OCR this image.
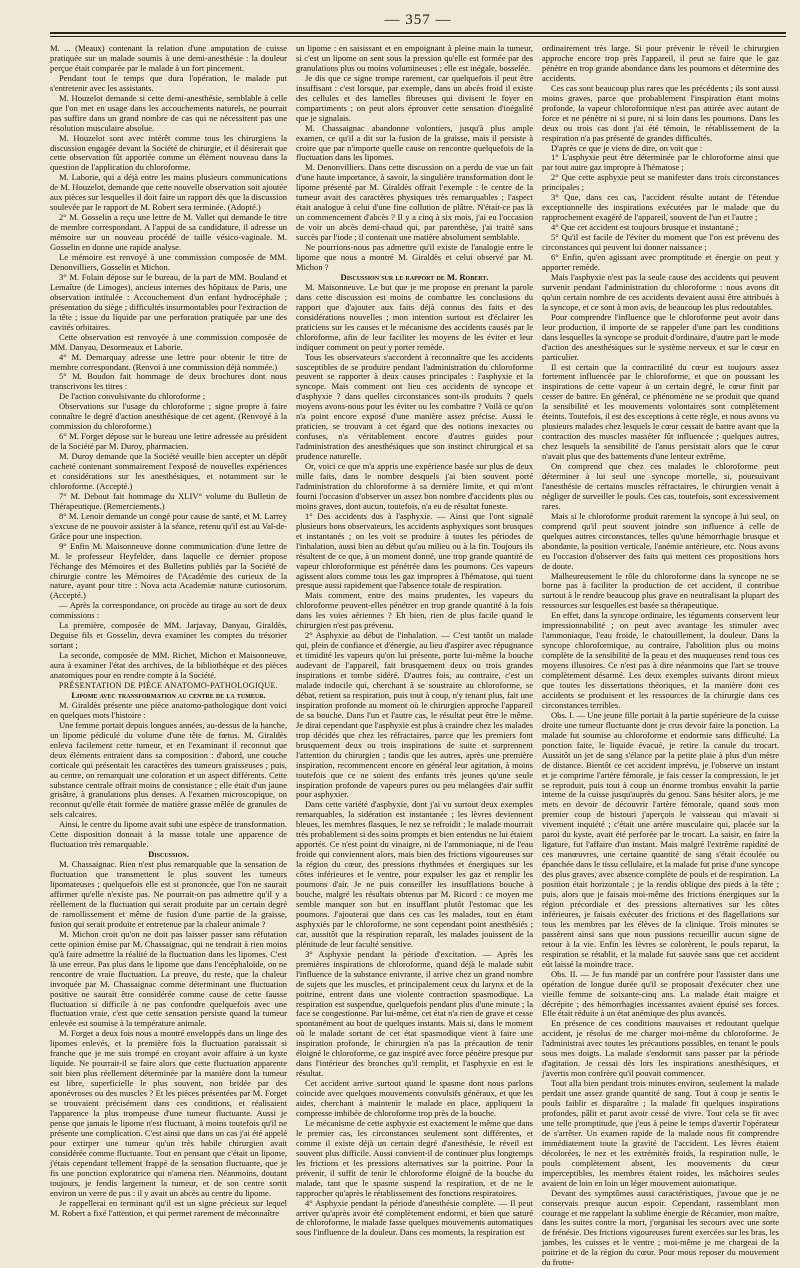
— 357 —

M. ... (Meaux) contenant la relation d'une amputation de cuisse pratiquée sur un malade soumis à une demi-anesthésie : la douleur perçue était comparée par le malade à un fort pincement.

Pendant tout le temps que dura l'opération, le malade put s'entretenir avec les assistants.

M. Houzelot demande si cette demi-anesthésie, semblable à celle que l'on met en usage dans les accouchements naturels, ne pourrait pas suffire dans un grand nombre de cas qui ne nécessitent pas une résolution musculaire absolue.

M. Houzelot sont avec intérêt comme tous les chirurgiens la discussion engagée devant la Société de chirurgie, et il désirerait que cette observation fût apportée comme un élément nouveau dans la question de l'application du chloroforme.

M. Laborie, qui a déjà entre les mains plusieurs communications de M. Houzelot, demande que cette nouvelle observation soit ajoutée aux pièces sur lesquelles il doit faire un rapport dès que la discussion soulevée par le rapport de M. Robert sera terminée. (Adopté.)

2° M. Gosselin a reçu une lettre de M. Vallet qui demande le titre de membre correspondant. A l'appui de sa candidature, il adresse un mémoire sur un nouveau procédé de taille vésico-vaginale. M. Gosselin en donne une rapide analyse.

Le mémoire est renvoyé à une commission composée de MM. Denonvilliers, Gosselin et Michon.

3° M. Folain dépose sur le bureau, de la part de MM. Bouland et Lemaître (de Limoges), ancieus internes des hôpitaux de Paris, une observation intitulée : Accouchement d'un enfant hydrocéphale ; présentation du siège ; difficultés insurmontables pour l'extraction de la tête ; issue du liquide par une perforation pratiquée par une des cavités orbitaires.

Cette observation est renvoyée à une commission composée de MM. Danyau, Desormeaux et Laborie.

4° M. Demarquay adresse une lettre pour obtenir le titre de membre correspondant. (Renvoi à une commission déjà nommée.)

5° M. Boudon fait hommage de deux brochures dont nous transcrivons les titres :

De l'action convulsivante du chloroforme ;

Observations sur l'usage du chloroforme ; signe propre à faire connaître le degré d'action anesthésique de cet agent. (Renvoyé à la commission du chloroforme.)

6° M. Forget dépose sur le bureau une lettre adressée au président de la Société par M. Duroy, pharmacien.

M. Duroy demande que la Société veuille bien accepter un dépôt cacheté contenant sommairement l'exposé de nouvelles expériences et considérations sur les anesthésiques, et notamment sur le chloroforme. (Accepté.)

7° M. Debout fait hommage du XLIV° volume du Bulletin de Thérapeutique. (Remerciements.)

8° M. Lenoir demande un congé pour cause de santé, et M. Larrey s'excuse de ne pouvoir assister à la séance, retenu qu'il est au Val-de-Grâce pour une inspection.

9° Enfin M. Maisonneuve donne communication d'une lettre de M. le professeur Heyfelder, dans laquelle ce dernier propose l'échange des Mémoires et des Bulletins publiés par la Société de chirurgie contre les Mémoires de l'Académie des curieux de la nature, ayant pour titre : Nova acta Academiæ naturæ curiosorum. (Accepté.)

— Après la correspondance, on procède au tirage au sort de deux commissions :

La première, composée de MM. Jarjavay, Danyau, Giraldès, Deguise fils et Gosselin, devra examiner les comptes du trésorier sortant ;

La seconde, composée de MM. Richet, Michon et Maisonneuve, aura à examiner l'état des archives, de la bibliothèque et des pièces anatomiques pour en rendre compte à la Société.

PRÉSENTATION DE PIÈCE ANATOMO-PATHOLOGIQUE.

Lipome avec transformation au centre de la tumeur.

M. Giraldès présente une pièce anatomo-pathologique dont voici en quelques mots l'histoire :

Une femme portait depuis longues années, au-dessus de la hanche, un lipome pédiculé du volume d'une tête de fœtus. M. Giraldès enleva facilement cette tumeur, et en l'examinant il reconnut que deux éléments entraient dans sa composition : d'abord, une couche corticale qui présentait les caractères des tumeurs graisseuses ; puis, au centre, on remarquait une coloration et un aspect différents. Cette substance centrale offrait moins de consistance ; elle était d'un jaune grisâtre, à granulations plus denses. A l'examen microscopique, on reconnut qu'elle était formée de matière grasse mêlée de granules de sels calcaires.

Ainsi, le centre du lipome avait subi une espèce de transformation. Cette disposition donnait à la masse totale une apparence de fluctuation très remarquable.

Discussion.

M. Chassaignac. Rien n'est plus remarquable que la sensation de fluctuation que transmettent le plus souvent les tumeurs lipomateuses ; quelquefois elle est si prononcée, que l'on ne saurait affirmer qu'elle n'existe pas. Ne pourrait-on pas admettre qu'il y a réellement de la fluctuation qui serait produite par un certain degré de ramollissement et même de fusion d'une partie de la graisse, fusion qui serait produite et entretenue par la chaleur animale ?

M. Michon croit qu'on ne doit pas laisser passer sans réfutation cette opinion émise par M. Chassaignac, qui ne tendrait à rien moins qu'à faire admettre la réalité de la fluctuation dans les lipomes. C'est là une erreur. Pas plus dans le lipome que dans l'encéphaloïde, on ne rencontre de vraie fluctuation. La preuve, du reste, que la chaleur invoquée par M. Chassaignac comme déterminant une fluctuation positive ne saurait être considérée comme cause de cette fausse fluctuation si difficile à ne pas confondre quelquefois avec une fluctuation vraie, c'est que cette sensation persiste quand la tumeur enlevée est soumise à la température animale.

M. Forget a deux fois nous a montré enveloppés dans un linge des lipomes enlevés, et la première fois la fluctuation paraissait si franche que je me suis trompé en croyant avoir affaire à un kyste liquide. Ne pourrait-il se faire alors que cette fluctuation apparente soit bien plus réellement déterminée par la manière dont la tumeur est libre, superficielle le plus souvent, non bridée par des aponévroses ou des muscles ? Et les pièces présentées par M. Forget se trouvaient précisément dans ces conditions, et réalisaient l'apparence la plus trompeuse d'une tumeur fluctuante. Aussi je pense que jamais le lipome n'est fluctuant, à moins toutefois qu'il ne présente une complication. C'est ainsi que dans un cas j'ai été appelé pour extirper une tumeur qu'un très habile chirurgien avait considérée comme fluctuante. Tout en pensant que c'était un lipome, j'étais cependant tellement frappé de la sensation fluctuante, que je fis une ponction exploratrice qui n'amena rien. Néanmoins, doutant toujours, je fendis largement la tumeur, et de son centre sortit environ un verre de pus : il y avait un abcès au centre du lipome.

Je rappellerai en terminant qu'il est un signe précieux sur lequel M. Robert a fixé l'attention, et qui permet rarement de méconnaître

un lipome : en saisissant et en empoignant à pleine main la tumeur, si c'est un lipome on sent sous la pression qu'elle est formée par des granulations plus ou moins volumineuses ; elle est inégale, bosselée.

Je dis que ce signe trompe rarement, car quelquefois il peut être insuffisant : c'est lorsque, par exemple, dans un abcès froid il existe des cellules et des lamelles fibreuses qui divisent le foyer en compartiments ; on peut alors éprouver cette sensation d'inégalité que je signalais.

M. Chassaignac abandonne volontiers, jusqu'à plus ample examen, ce qu'il a dit sur la fusion de la graisse, mais il persiste à croire que par n'importe quelle cause on rencontre quelquefois de la fluctuation dans les lipomes.

M. Denonvilliers. Dans cette discussion on a perdu de vue un fait d'une haute importance, à savoir, la singulière transformation dont le lipome présenté par M. Giraldès offrait l'exemple : le centre de la tumeur avait des caractères physiques très remarquables ; l'aspect était analogue à celui d'une fine collution de plâtre. N'était-ce pas là un commencement d'abcès ? Il y a cinq à six mois, j'ai eu l'occasion de voir un abcès demi-chaud qui, par parenthèse, j'ai traité sans succès par l'iode ; il contenait une matière absolument semblable.

Ne pourrions-nous pas admettre qu'il existe de l'analogie entre le lipome que nous a montré M. Giraldès et celui observé par M. Michon ?

Discussion sur le rapport de M. Robert.

M. Maisonneuve. Le but que je me propose en prenant la parole dans cette discussion est moins de combattre les conclusions du rapport que d'ajouter aux faits déjà connus des faits et des considérations nouvelles ; mon intention surtout est d'éclairer les praticiens sur les causes et le mécanisme des accidents causés par le chloroforme, afin de leur faciliter les moyens de les éviter et leur indiquer comment on peut y porter remède.

Tous les observateurs s'accordent à reconnaître que les accidents susceptibles de se produire pendant l'administration du chloroforme peuvent se rapporter à deux causes principales : l'asphyxie et la syncope. Mais comment ont lieu ces accidents de syncope et d'asphyxie ? dans quelles circonstances sont-ils produits ? quels moyens avons-nous pour les éviter ou les combattre ? Voilà ce qu'on n'a point encore exposé d'une manière assez précise. Aussi le praticien, se trouvant à cet égard que des notions inexactes ou confuses, n'a véritablement encore d'autres guides pour l'administration des anesthésiques que son instinct chirurgical et sa prudence naturelle.

Or, voici ce que m'a appris une expérience basée sur plus de deux mille faits, dans le nombre desquels j'ai bien souvent porté l'administration du chloroforme à sa dernière limite, et qui m'ont fourni l'occasion d'observer un assez bon nombre d'accidents plus ou moins graves, dont aucun, toutefois, n'a eu de résultat funeste.

1° Des accidents dus à l'asphyxie. — Ainsi que l'ont signalé plusieurs bons observateurs, les accidents asphyxiques sont brusques et instantanés ; on les voit se produire à toutes les périodes de l'inhalation, aussi bien au début qu'au milieu ou à la fin. Toujours ils résultent de ce que, à un moment donné, une trop grande quantité de vapeur chloroformique est pénétrée dans les poumons. Ces vapeurs agissent alors comme tous les gaz impropres à l'hématose, qui tuent presque aussi rapidement que l'absence totale de respiration.

Mais comment, entre des mains prudentes, les vapeurs du chloroforme peuvent-elles pénétrer en trop grande quantité à la fois dans les voies aériennes ? Eh bien, rien de plus facile quand le chirurgien n'est pas prévenu.

2° Asphyxie au début de l'inhalation. — C'est tantôt un malade qui, plein de confiance et d'énergie, au lieu d'aspirer avec répugnance et timidité les vapeurs qu'on lui présente, porte lui-même la bouche audevant de l'appareil, fait brusquement deux ou trois grandes inspirations et tombe sidéré. D'autres fois, au contraire, c'est un malade indocile qui, cherchant à se soustraire au chloroforme, se débat, retient sa respiration, puis tout à coup, n'y tenant plus, fait une inspiration profonde au moment où le chirurgien approche l'appareil de sa bouche. Dans l'un et l'autre cas, le résultat peut être le même. Je dirai cependant que l'asphyxie est plus à craindre chez les malades trop décidés que chez les réfractaires, parce que les premiers font brusquement deux ou trois inspirations de suite et surprennent l'attention du chirurgien ; tandis que les autres, après une première inspiration, recommencent encore en général leur agitation, à moins toutefois que ce ne soient des enfants très jeunes qu'une seule inspiration profonde de vapeurs pures ou peu mélangées d'air suffit pour asphyxier.

Dans cette variété d'asphyxie, dont j'ai vu surtout deux exemples remarquables, la sidération est instantanée ; les lèvres deviennent bleues, les membres flasques, le nez se refroidit ; le malade mourrait très probablement si des soins prompts et bien entendus ne lui étaient apportés. Ce n'est point du vinaigre, ni de l'ammoniaque, ni de l'eau froide qui conviennent alors, mais bien des frictions vigoureuses sur la région du cœur, des pressions rhythmées et énergiques sur les côtes inférieures et le ventre, pour expulser les gaz et remplir les poumons d'air. Je ne puis conseiller les insufflations bouche à bouche, malgré les résultats obtenus par M. Ricord : ce moyen me semble manquer son but en insufflant plutôt l'estomac que les poumons. J'ajouterai que dans ces cas les malades, tout en étant asphyxiés par le chloroforme, ne sont cependant point anesthésiés ; car, aussitôt que la respiration reparaît, les malades jouissent de la plénitude de leur faculté sensitive.

3° Asphyxie pendant la période d'excitation. — Après les premières inspirations de chloroforme, quand déjà le malade subit l'influence de la substance enivrante, il arrive chez un grand nombre de sujets que les muscles, et principalement ceux du larynx et de la poitrine, entrent dans une violente contraction spasmodique. La respiration est suspendue, quelquefois pendant plus d'une minute ; la face se congestionne. Par lui-même, cet état n'a rien de grave et cesse spontanément au bout de quelques instants. Mais si, dans le moment où le malade sortant de cet état spasmodique vient à faire une inspiration profonde, le chirurgien n'a pas la précaution de tenir éloigné le chloroforme, ce gaz inspiré avec force pénètre presque pur dans l'intérieur des bronches qu'il remplit, et l'asphyxie en est le résultat.

Cet accident arrive surtout quand le spasme dont nous parlons coïncide avec quelques mouvements convulsifs généraux, et que les aides, cherchant à maintenir le malade en place, appliquent la compresse imbibée de chloroforme trop près de la bouche.

Le mécanisme de cette asphyxie est exactement le même que dans le premier cas, les circonstances seulement sont différentes, et comme il existe déjà un certain degré d'anesthésie, le réveil est souvent plus difficile. Aussi convient-il de continuer plus longtemps les frictions et les pressions alternatives sur la poitrine. Pour la prévenir, il suffit de tenir le chloroforme éloigné de la bouche du malade, tant que le spasme suspend la respiration, et de ne le rapprocher qu'après le rétablissement des fonctions respiratoires.

4° Asphyxie pendant la période d'anesthésie complète. — Il peut arriver qu'après avoir été complètement endormi, et bien que saturé de chloroforme, le malade fasse quelques mouvements automatiques sous l'influence de la douleur. Dans ces moments, la respiration est

ordinairement très large. Si pour prévenir le réveil le chirurgien approche encore trop près l'appareil, il peut se faire que le gaz pénètre en trop grande abondance dans les poumons et détermine des accidents.

Ces cas sont beaucoup plus rares que les précédents ; ils sont aussi moins graves, parce que probablement l'inspiration étant moins profonde, la vapeur chloroformique n'est pas attirée avec autant de force et ne pénètre ni si pure, ni si loin dans les poumons. Dans les deux ou trois cas dont j'ai été témoin, le rétablissement de la respiration n'a pas présenté de grandes difficultés.

D'après ce que je viens de dire, on voit que :

1° L'asphyxie peut être déterminée par le chloroforme ainsi que par tout autre gaz impropre à l'hématose ;

2° Que cette asphyxie peut se manifester dans trois circonstances principales ;

3° Que, dans ces cas, l'accident résulte autant de l'étendue exceptionnelle des inspirations exécutées par le malade que du rapprochement exagéré de l'appareil, souvent de l'un et l'autre ;

4° Que cet accident est toujours brusque et instantané ;

5° Qu'il est facile de l'éviter du moment que l'on est prévenu des circonstances qui peuvent lui donner naissance ;

6° Enfin, qu'en agissant avec promptitude et énergie on peut y apporter remède.

Mais l'asphyxie n'est pas la seule cause des accidents qui peuvent survenir pendant l'administration du chloroforme : nous avons dit qu'un certain nombre de ces accidents devaient aussi être attribués à la syncope, et ce sont à mon avis, de beaucoup les plus redoutables.

Pour comprendre l'influence que le chloroforme peut avoir dans leur production, il importe de se rappeler d'une part les conditions dans lesquelles la syncope se produit d'ordinaire, d'autre part le mode d'action des anesthésiques sur le système nerveux et sur le cœur en particulier.

Il est certain que la contractilité du cœur est toujours assez fortement influencée par le chloroforme, et que on poussant les inspirations de cette vapeur à un certain degré, le cœur finit par cesser de battre. En général, ce phénomène ne se produit que quand la sensibilité et les mouvements volontaires sont complètement éteints. Toutefois, il est des exceptions à cette règle, et nous avons vu plusieurs malades chez lesquels le cœur cessait de battre avant que la contraction des muscles masséter fût influencée ; quelques autres, chez lesquels la sensibilité de l'anus persistait alors que le cœur n'avait plus que des battements d'une lenteur extrême.

On comprend que chez ces malades le chloroforme peut déterminer à lui seul une syncope mortelle, si, poursuivant l'anesthésie de certains muscles réfractaires, le chirurgien venait à négliger de surveiller le pouls. Ces cas, toutefois, sont excessivement rares.

Mais si le chloroforme produit rarement la syncope à lui seul, on comprend qu'il peut souvent joindre son influence à celle de quelques autres circonstances, telles qu'une hémorrhagie brusque et abondante, la position verticale, l'anémie antérieure, etc. Nous avons eu l'occasion d'observer des faits qui mettent ces propositions hors de doute.

Malheureusement le rôle du chloroforme dans la syncope ne se borne pas à faciliter la production de cet accident, il contribue surtout à le rendre beaucoup plus grave en neutralisant la plupart des ressources sur lesquelles est basée sa thérapeutique.

En effet, dans la syncope ordinaire, les téguments conservent leur impressionnabilité ; on peut avec avantage les stimuler avec l'ammoniaque, l'eau froide, le chatouillement, la douleur. Dans la syncope chloroformique, au contraire, l'abolition plus ou moins complète de la sensibilité de la peau et des muqueuses rend tous ces moyens illusoires. Ce n'est pas à dire néanmoins que l'art se trouve complètement désarmé. Les deux exemples suivants diront mieux que toutes les dissertations théoriques, et la manière dont ces accidents se produisent et les ressources de la chirurgie dans ces circonstances terribles.

Obs. I. — Une jeune fille portait à la partie supérieure de la cuisse droite une tumeur fluctuante dont je crus devoir faire la ponction. La malade fut soumise au chloroforme et endormie sans difficulté. La ponction faite, le liquide évacué, je retire la canule du trocart. Aussitôt un jet de sang s'élance par la petite plaie à plus d'un mètre de distance. Bientôt ce cet accident imprévu, je l'observe un instant et je comprime l'artère fémorale, je fais cesser la compression, le jet se reproduit, puis tout à coup un énorme trombus envahit la partie interne de la cuisse jusqu'auprès du genou. Sans hésiter alors, je me mets en devoir de découvrir l'artère fémorale, quand sous mon premier coup de bistouri j'aperçois le vaisseau qui m'avait si vivement inquiété ; c'était une artère musculaire qui, placée sur la paroi du kyste, avait été perforée par le trocart. La saisir, en faire la ligature, fut l'affaire d'un instant. Mais malgré l'extrême rapidité de ces manœuvres, une certaine quantité de sang s'était écoulée ou épanchée dans le tissu cellulaire, et la malade fut prise d'une syncope des plus graves, avec absence complète de pouls et de respiration. La position était horizontale ; je la rendis oblique des pieds à la tête ; puis, alors que je faisais moi-même des frictions énergiques sur la région précordiale et des pressions alternatives sur les côtes inférieures, je faisais exécuter des frictions et des flagellations sur tous les membres par les élèves de la clinique. Trois minutes se passèrent ainsi sans que nous pussions recueillir aucun signe de retour à la vie. Enfin les lèvres se colorèrent, le pouls reparut, la respiration se rétablit, et la malade fut sauvée sans que cet accident eût laissé la moindre trace.

Obs. II. — Je fus mandé par un confrère pour l'assister dans une opération de longue durée qu'il se proposait d'exécuter chez une vieille femme de soixante-cinq ans. La malade était maigre et décrépite ; des hémorrhagies incessantes avaient épuisé ses forces. Elle était réduite à un état anémique des plus avancés.

En présence de ces conditions mauvaises et redoutant quelque accident, je résolus de me charger moi-même du chloroforme. Je l'administrai avec toutes les précautions possibles, en tenant le pouls sous mes doigts. La malade s'endormit sans passer par la période d'agitation. Je cessai dès lors les inspirations anesthésiques, et j'avertis mon confrère qu'il pouvait commencer.

Tout alla bien pendant trois minutes environ, seulement la malade perdait une assez grande quantité de sang. Tout à coup je sentis le pouls faiblir et disparaître ; la malade fit quelques inspirations profondes, pâlit et parut avoir cessé de vivre. Tout cela se fit avec une telle promptitude, que j'eus à peine le temps d'avertir l'opérateur de s'arrêter. Un examen rapide de la malade nous fit comprendre immédiatement toute la gravité de l'accident. Les lèvres étaient décolorées, le nez et les extrémités froids, la respiration nulle, le pouls complètement absent, les mouvements du cœur imperceptibles, les membres étaient roides, les mâchoires seules avaient de loin en loin un léger mouvement automatique.

Devant des symptômes aussi caractéristiques, j'avoue que je ne conservais presque aucun espoir. Cependant, rassemblant mon courage et me rappelant la sublime énergie de Récamier, mon maître, dans les suites contre la mort, j'organisai les secours avec une sorte de frénésie. Des frictions vigoureuses furent exercées sur les bras, les jambes, les cuisses et le ventre ; moi-même je me chargeai de la poitrine et de la région du cœur. Pour mous reposer du mouvement du frotte-
